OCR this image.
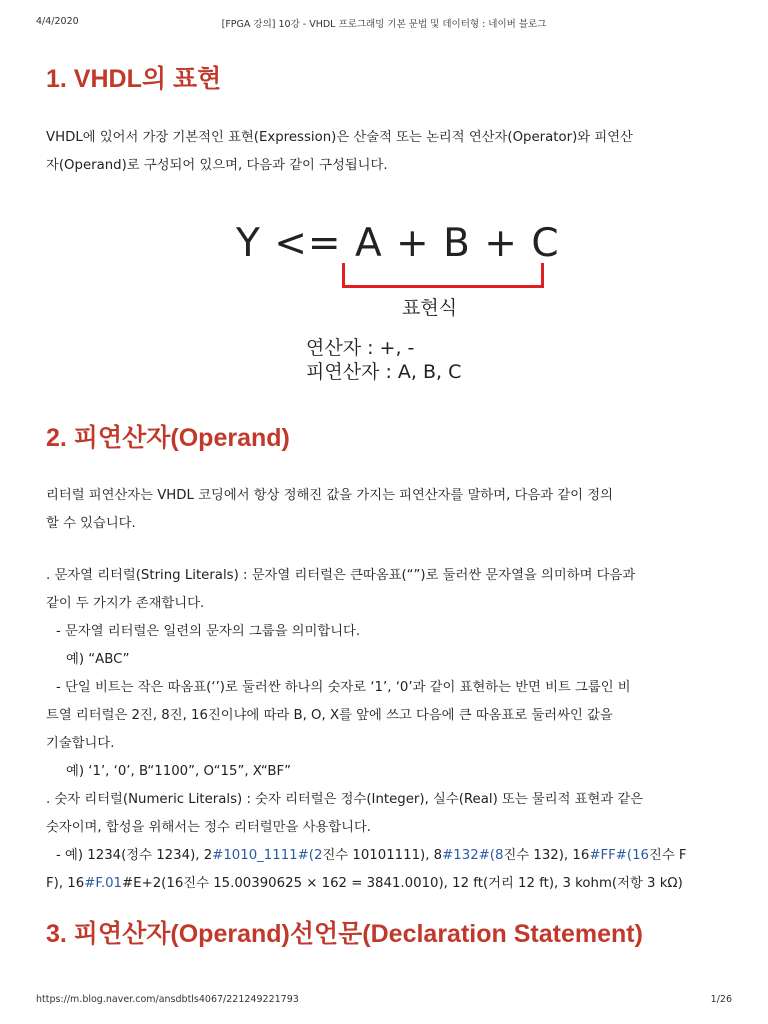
4/4/2020	[FPGA 강의] 10강 - VHDL 프로그래밍 기본 문법 및 데이터형 : 네이버 블로그
1. VHDL의 표현
VHDL에 있어서 가장 기본적인 표현(Expression)은 산술적 또는 논리적 연산자(Operator)와 피연산
자(Operand)로 구성되어 있으며, 다음과 같이 구성됩니다.
Y <= A + B + C
표현식
연산자 : +, -
피연산자 : A, B, C
2. 피연산자(Operand)
리터럴 피연산자는 VHDL 코딩에서 항상 정해진 값을 가지는 피연산자를 말하며, 다음과 같이 정의
할 수 있습니다.
. 문자열 리터럴(String Literals) : 문자열 리터럴은 큰따옴표(“”)로 둘러싼 문자열을 의미하며 다음과
같이 두 가지가 존재합니다.
- 문자열 리터럴은 일련의 문자의 그룹을 의미합니다.
예) “ABC”
- 단일 비트는 작은 따옴표(‘’)로 둘러싼 하나의 숫자로 ‘1’, ‘0’과 같이 표현하는 반면 비트 그룹인 비
트열 리터럴은 2진, 8진, 16진이냐에 따라 B, O, X를 앞에 쓰고 다음에 큰 따옴표로 둘러싸인 값을
기술합니다.
예) ‘1’, ‘0’, B“1100”, O“15”, X“BF”
. 숫자 리터럴(Numeric Literals) : 숫자 리터럴은 정수(Integer), 실수(Real) 또는 물리적 표현과 같은
숫자이며, 합성을 위해서는 정수 리터럴만을 사용합니다.
- 예) 1234(정수 1234), 2#1010_1111#(2진수 10101111), 8#132#(8진수 132), 16#FF#(16진수 F
F), 16#F.01#E+2(16진수 15.00390625 × 162 = 3841.0010), 12 ft(거리 12 ft), 3 kohm(저항 3 kΩ)
3. 피연산자(Operand)선언문(Declaration Statement)
https://m.blog.naver.com/ansdbtls4067/221249221793	1/26
